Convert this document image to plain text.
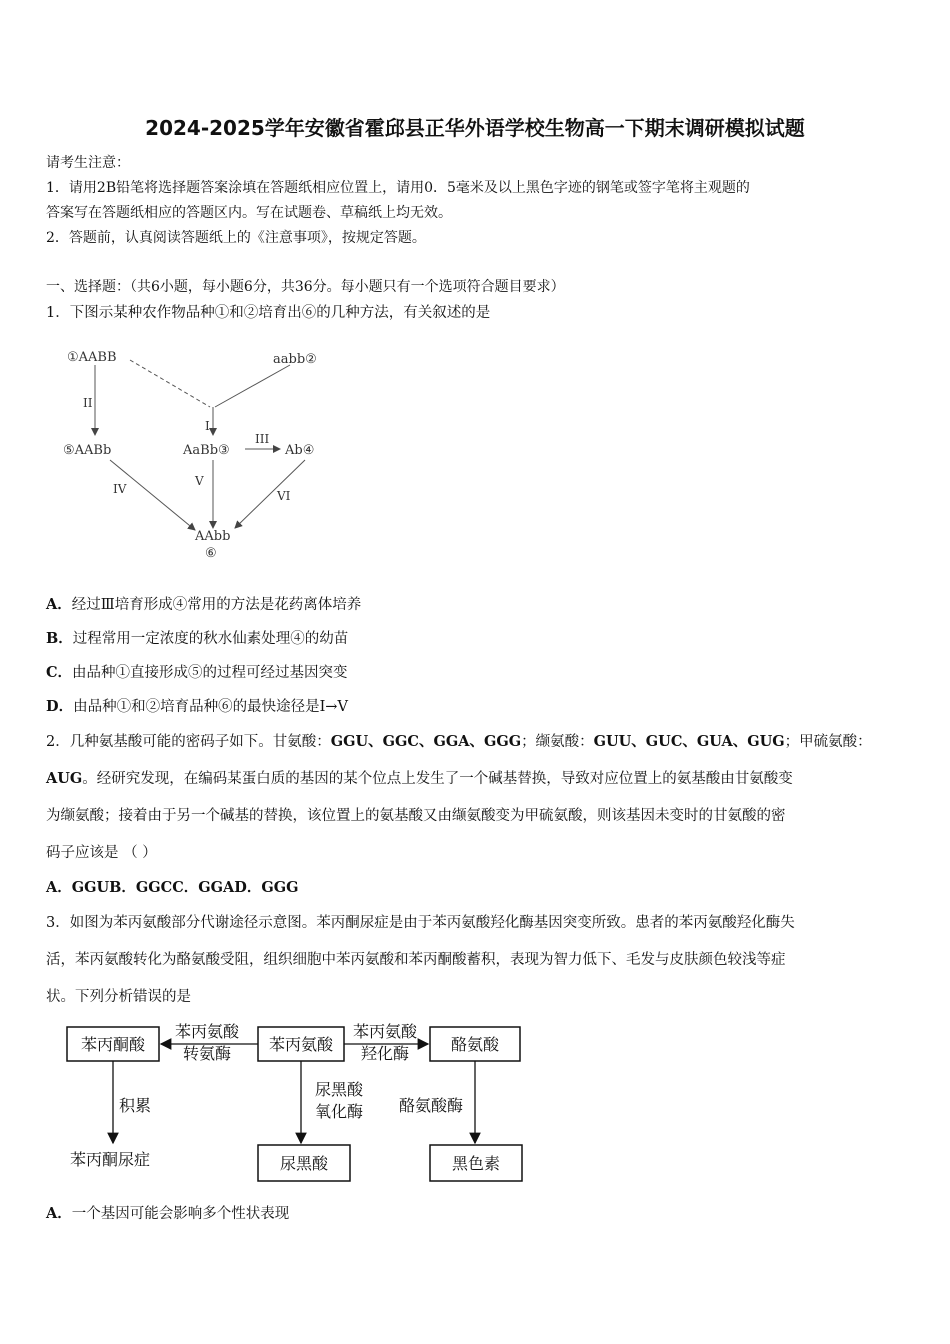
2024-2025学年安徽省霍邱县正华外语学校生物高一下期末调研模拟试题
请考生注意：
1．请用2B铅笔将选择题答案涂填在答题纸相应位置上，请用0．5毫米及以上黑色字迹的钢笔或签字笔将主观题的
答案写在答题纸相应的答题区内。写在试题卷、草稿纸上均无效。
2．答题前，认真阅读答题纸上的《注意事项》，按规定答题。
一、选择题：（共6小题，每小题6分，共36分。每小题只有一个选项符合题目要求）
1．下图示某种农作物品种①和②培育出⑥的几种方法，有关叙述的是
①AABB	aabb②
⑤AABb	AaBb③	Ab④
AAbb
⑥
I
II
III
IV
V
VI
A．经过Ⅲ培育形成④常用的方法是花药离体培养
B．过程常用一定浓度的秋水仙素处理④的幼苗
C．由品种①直接形成⑤的过程可经过基因突变
D．由品种①和②培育品种⑥的最快途径是Ⅰ→Ⅴ
2．几种氨基酸可能的密码子如下。甘氨酸：GGU、GGC、GGA、GGG；缬氨酸：GUU、GUC、GUA、GUG；甲硫氨酸：
AUG。经研究发现，在编码某蛋白质的基因的某个位点上发生了一个碱基替换，导致对应位置上的氨基酸由甘氨酸变
为缬氨酸；接着由于另一个碱基的替换，该位置上的氨基酸又由缬氨酸变为甲硫氨酸，则该基因未变时的甘氨酸的密
码子应该是 （ ）
A．GGUB．GGCC．GGAD．GGG
3．如图为苯丙氨酸部分代谢途径示意图。苯丙酮尿症是由于苯丙氨酸羟化酶基因突变所致。患者的苯丙氨酸羟化酶失
活，苯丙氨酸转化为酪氨酸受阻，组织细胞中苯丙氨酸和苯丙酮酸蓄积，表现为智力低下、毛发与皮肤颜色较浅等症
状。下列分析错误的是
苯丙酮酸	苯丙氨酸	酪氨酸
尿黑酸	黑色素
苯丙氨酸
转氨酶
苯丙氨酸
羟化酶
尿黑酸
氧化酶 酪氨酸酶
积累
苯丙酮尿症
A．一个基因可能会影响多个性状表现
